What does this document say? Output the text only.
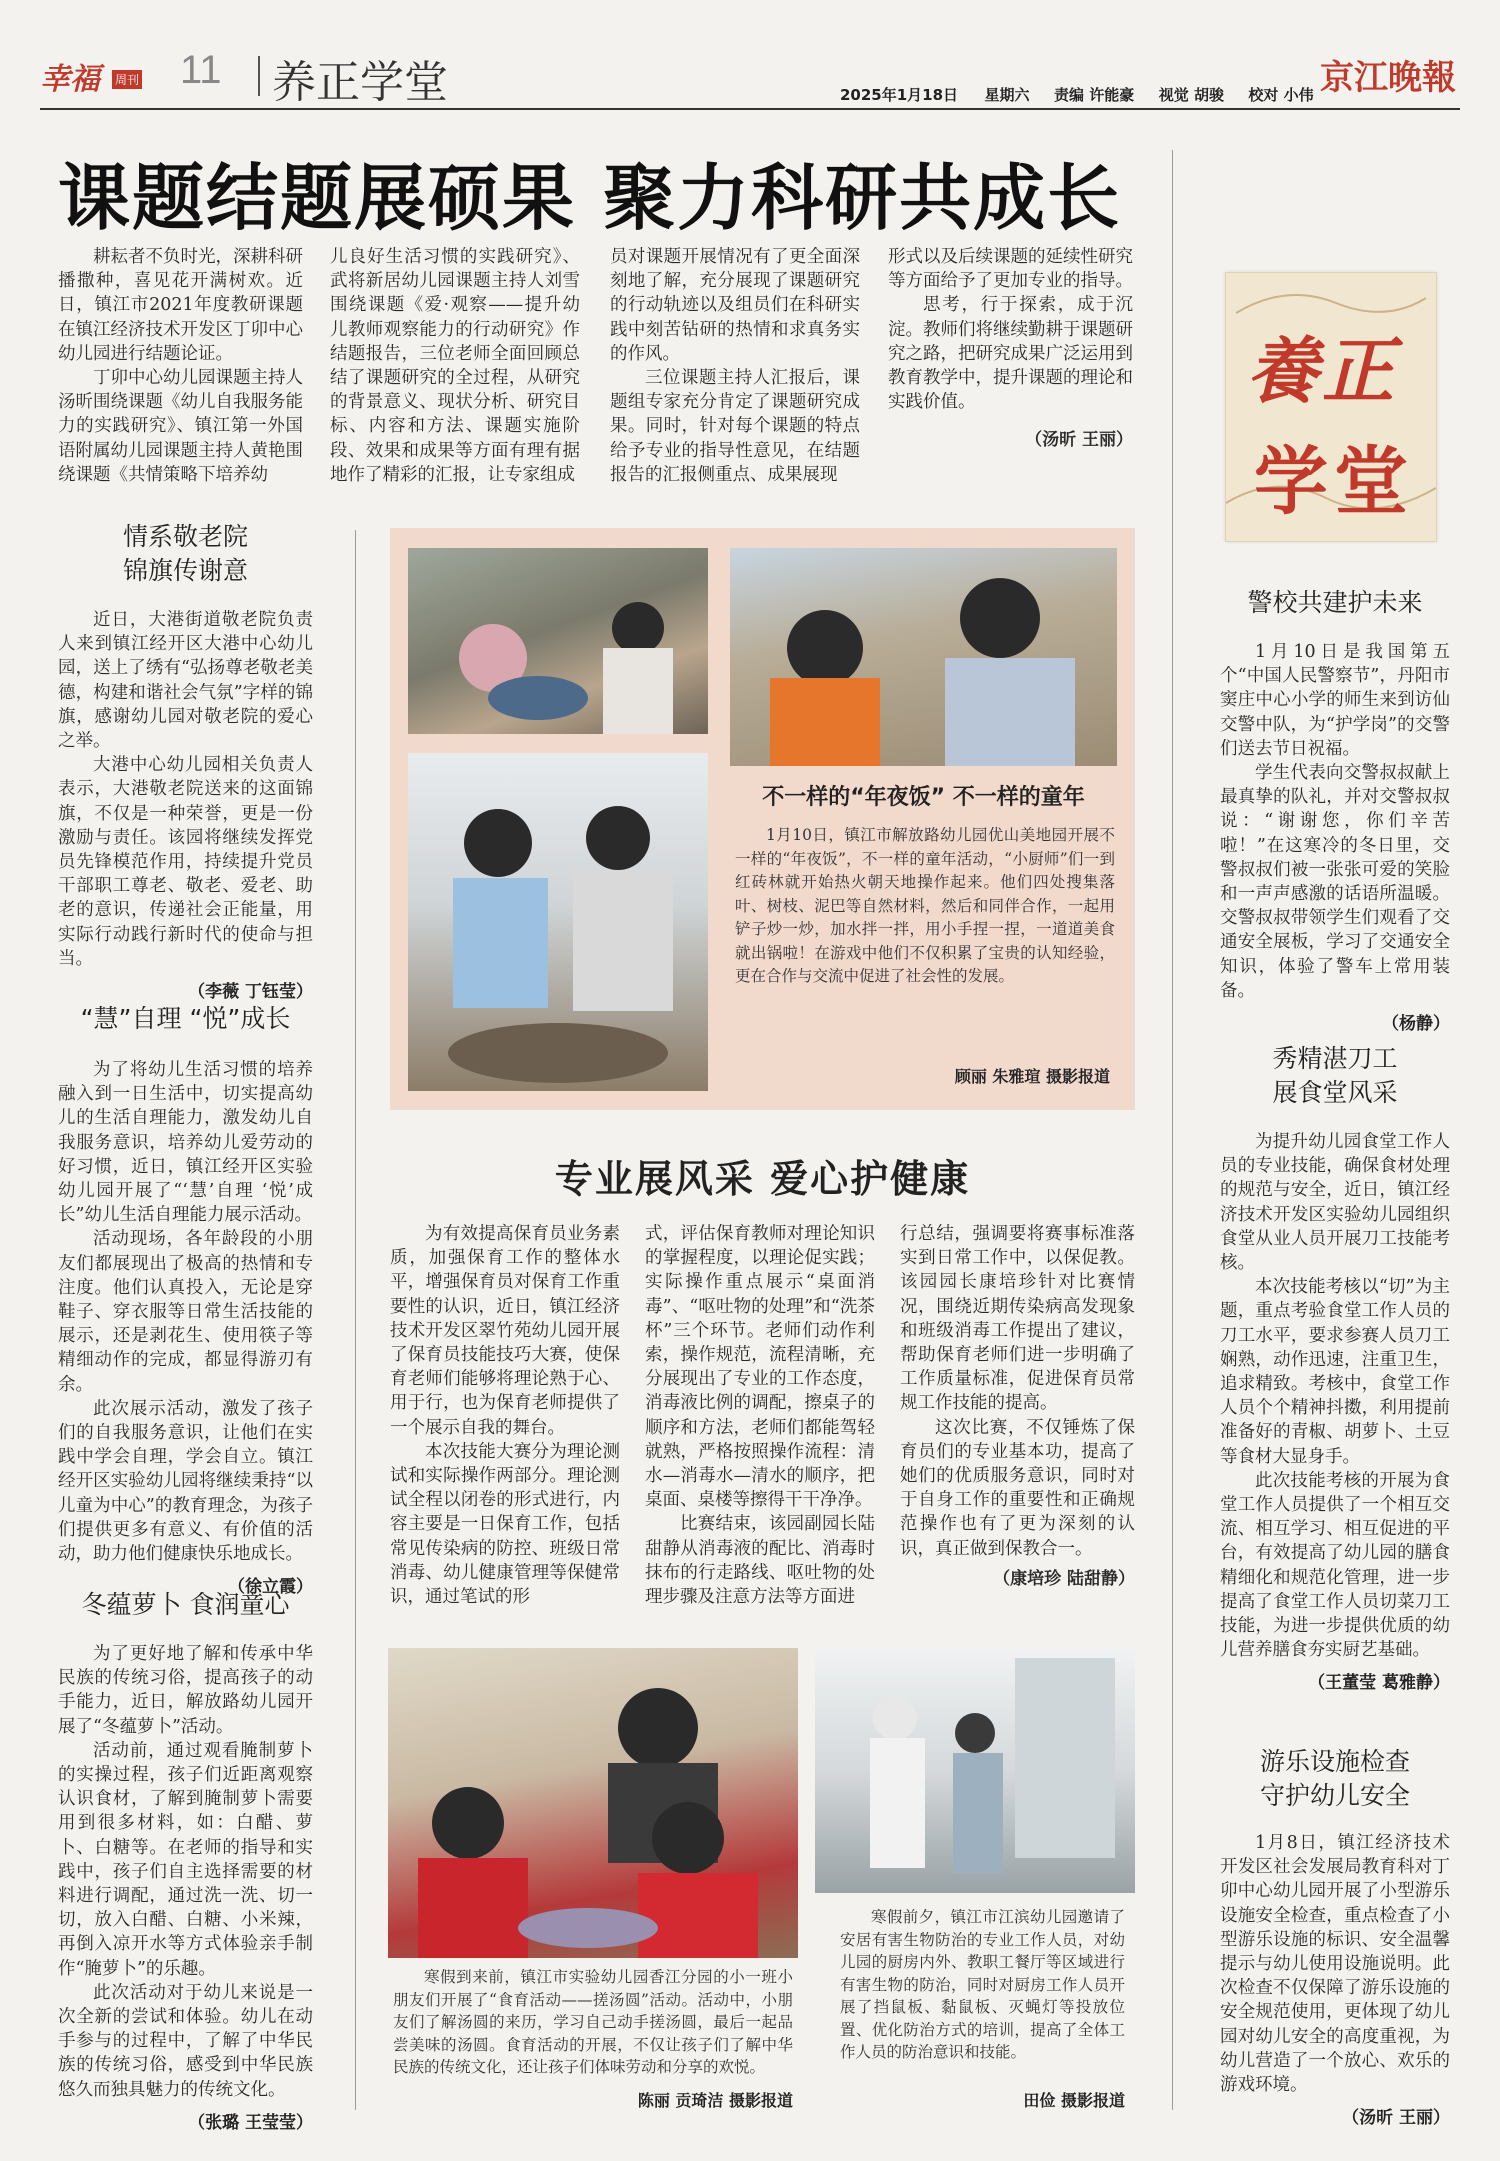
幸福 周刊 11 养正学堂	2025年1月18日 星期六 责编 许能豪 视觉 胡骏 校对 小伟 京江晚報
课题结题展硕果 聚力科研共成长
耕耘者不负时光，深耕科研播撒种，喜见花开满树欢。近日，镇江市2021年度教研课题在镇江经济技术开发区丁卯中心幼儿园进行结题论证。
丁卯中心幼儿园课题主持人汤昕围绕课题《幼儿自我服务能力的实践研究》、镇江第一外国语附属幼儿园课题主持人黄艳围绕课题《共情策略下培养幼
儿良好生活习惯的实践研究》、武将新居幼儿园课题主持人刘雪围绕课题《爱·观察——提升幼儿教师观察能力的行动研究》作结题报告，三位老师全面回顾总结了课题研究的全过程，从研究的背景意义、现状分析、研究目标、内容和方法、课题实施阶段、效果和成果等方面有理有据地作了精彩的汇报，让专家组成
员对课题开展情况有了更全面深刻地了解，充分展现了课题研究的行动轨迹以及组员们在科研实践中刻苦钻研的热情和求真务实的作风。
三位课题主持人汇报后，课题组专家充分肯定了课题研究成果。同时，针对每个课题的特点给予专业的指导性意见，在结题报告的汇报侧重点、成果展现
形式以及后续课题的延续性研究等方面给予了更加专业的指导。
思考，行于探索，成于沉淀。教师们将继续勤耕于课题研究之路，把研究成果广泛运用到教育教学中，提升课题的理论和实践价值。
（汤昕 王丽）
養正
学堂
情系敬老院
锦旗传谢意
近日，大港街道敬老院负责人来到镇江经开区大港中心幼儿园，送上了绣有“弘扬尊老敬老美德，构建和谐社会气氛”字样的锦旗，感谢幼儿园对敬老院的爱心之举。
大港中心幼儿园相关负责人表示，大港敬老院送来的这面锦旗，不仅是一种荣誉，更是一份激励与责任。该园将继续发挥党员先锋模范作用，持续提升党员干部职工尊老、敬老、爱老、助老的意识，传递社会正能量，用实际行动践行新时代的使命与担当。
（李薇 丁钰莹）
“慧”自理 “悦”成长
为了将幼儿生活习惯的培养融入到一日生活中，切实提高幼儿的生活自理能力，激发幼儿自我服务意识，培养幼儿爱劳动的好习惯，近日，镇江经开区实验幼儿园开展了“‘慧’自理 ‘悦’成长”幼儿生活自理能力展示活动。
活动现场，各年龄段的小朋友们都展现出了极高的热情和专注度。他们认真投入，无论是穿鞋子、穿衣服等日常生活技能的展示，还是剥花生、使用筷子等精细动作的完成，都显得游刃有余。
此次展示活动，激发了孩子们的自我服务意识，让他们在实践中学会自理，学会自立。镇江经开区实验幼儿园将继续秉持“以儿童为中心”的教育理念，为孩子们提供更多有意义、有价值的活动，助力他们健康快乐地成长。
（徐立霞）
冬蕴萝卜 食润童心
为了更好地了解和传承中华民族的传统习俗，提高孩子的动手能力，近日，解放路幼儿园开展了“冬蕴萝卜”活动。
活动前，通过观看腌制萝卜的实操过程，孩子们近距离观察认识食材，了解到腌制萝卜需要用到很多材料，如：白醋、萝卜、白糖等。在老师的指导和实践中，孩子们自主选择需要的材料进行调配，通过洗一洗、切一切，放入白醋、白糖、小米辣，再倒入凉开水等方式体验亲手制作“腌萝卜”的乐趣。
此次活动对于幼儿来说是一次全新的尝试和体验。幼儿在动手参与的过程中，了解了中华民族的传统习俗，感受到中华民族悠久而独具魅力的传统文化。
（张璐 王莹莹）
不一样的“年夜饭” 不一样的童年
1月10日，镇江市解放路幼儿园优山美地园开展不一样的“年夜饭”，不一样的童年活动，“小厨师”们一到红砖林就开始热火朝天地操作起来。他们四处搜集落叶、树枝、泥巴等自然材料，然后和同伴合作，一起用铲子炒一炒，加水拌一拌，用小手捏一捏，一道道美食就出锅啦！在游戏中他们不仅积累了宝贵的认知经验，更在合作与交流中促进了社会性的发展。
顾丽 朱雅瑄 摄影报道
专业展风采 爱心护健康
为有效提高保育员业务素质，加强保育工作的整体水平，增强保育员对保育工作重要性的认识，近日，镇江经济技术开发区翠竹苑幼儿园开展了保育员技能技巧大赛，使保育老师们能够将理论熟于心、用于行，也为保育老师提供了一个展示自我的舞台。
本次技能大赛分为理论测试和实际操作两部分。理论测试全程以闭卷的形式进行，内容主要是一日保育工作，包括常见传染病的防控、班级日常消毒、幼儿健康管理等保健常识，通过笔试的形
式，评估保育教师对理论知识的掌握程度，以理论促实践；实际操作重点展示“桌面消毒”、“呕吐物的处理”和“洗茶杯”三个环节。老师们动作利索，操作规范，流程清晰，充分展现出了专业的工作态度，消毒液比例的调配，擦桌子的顺序和方法，老师们都能驾轻就熟，严格按照操作流程：清水—消毒水—清水的顺序，把桌面、桌楼等擦得干干净净。
比赛结束，该园副园长陆甜静从消毒液的配比、消毒时抹布的行走路线、呕吐物的处理步骤及注意方法等方面进
行总结，强调要将赛事标准落实到日常工作中，以保促教。该园园长康培珍针对比赛情况，围绕近期传染病高发现象和班级消毒工作提出了建议，帮助保育老师们进一步明确了工作质量标准，促进保育员常规工作技能的提高。
这次比赛，不仅锤炼了保育员们的专业基本功，提高了她们的优质服务意识，同时对于自身工作的重要性和正确规范操作也有了更为深刻的认识，真正做到保教合一。
（康培珍 陆甜静）
寒假到来前，镇江市实验幼儿园香江分园的小一班小朋友们开展了“食育活动——搓汤圆”活动。活动中，小朋友们了解汤圆的来历，学习自己动手搓汤圆，最后一起品尝美味的汤圆。食育活动的开展，不仅让孩子们了解中华民族的传统文化，还让孩子们体味劳动和分享的欢悦。
陈丽 贡琦洁 摄影报道
寒假前夕，镇江市江滨幼儿园邀请了安居有害生物防治的专业工作人员，对幼儿园的厨房内外、教职工餐厅等区域进行有害生物的防治，同时对厨房工作人员开展了挡鼠板、黏鼠板、灭蝇灯等投放位置、优化防治方式的培训，提高了全体工作人员的防治意识和技能。
田俭 摄影报道
警校共建护未来
1月10日是我国第五个“中国人民警察节”，丹阳市窦庄中心小学的师生来到访仙交警中队，为“护学岗”的交警们送去节日祝福。
学生代表向交警叔叔献上最真挚的队礼，并对交警叔叔说：“谢谢您，你们辛苦啦！”在这寒冷的冬日里，交警叔叔们被一张张可爱的笑脸和一声声感激的话语所温暖。交警叔叔带领学生们观看了交通安全展板，学习了交通安全知识，体验了警车上常用装备。
（杨静）
秀精湛刀工
展食堂风采
为提升幼儿园食堂工作人员的专业技能，确保食材处理的规范与安全，近日，镇江经济技术开发区实验幼儿园组织食堂从业人员开展刀工技能考核。
本次技能考核以“切”为主题，重点考验食堂工作人员的刀工水平，要求参赛人员刀工娴熟，动作迅速，注重卫生，追求精致。考核中，食堂工作人员个个精神抖擞，利用提前准备好的青椒、胡萝卜、土豆等食材大显身手。
此次技能考核的开展为食堂工作人员提供了一个相互交流、相互学习、相互促进的平台，有效提高了幼儿园的膳食精细化和规范化管理，进一步提高了食堂工作人员切菜刀工技能，为进一步提供优质的幼儿营养膳食夯实厨艺基础。
（王董莹 葛雅静）
游乐设施检查
守护幼儿安全
1月8日，镇江经济技术开发区社会发展局教育科对丁卯中心幼儿园开展了小型游乐设施安全检查，重点检查了小型游乐设施的标识、安全温馨提示与幼儿使用设施说明。此次检查不仅保障了游乐设施的安全规范使用，更体现了幼儿园对幼儿安全的高度重视，为幼儿营造了一个放心、欢乐的游戏环境。
（汤昕 王丽）
